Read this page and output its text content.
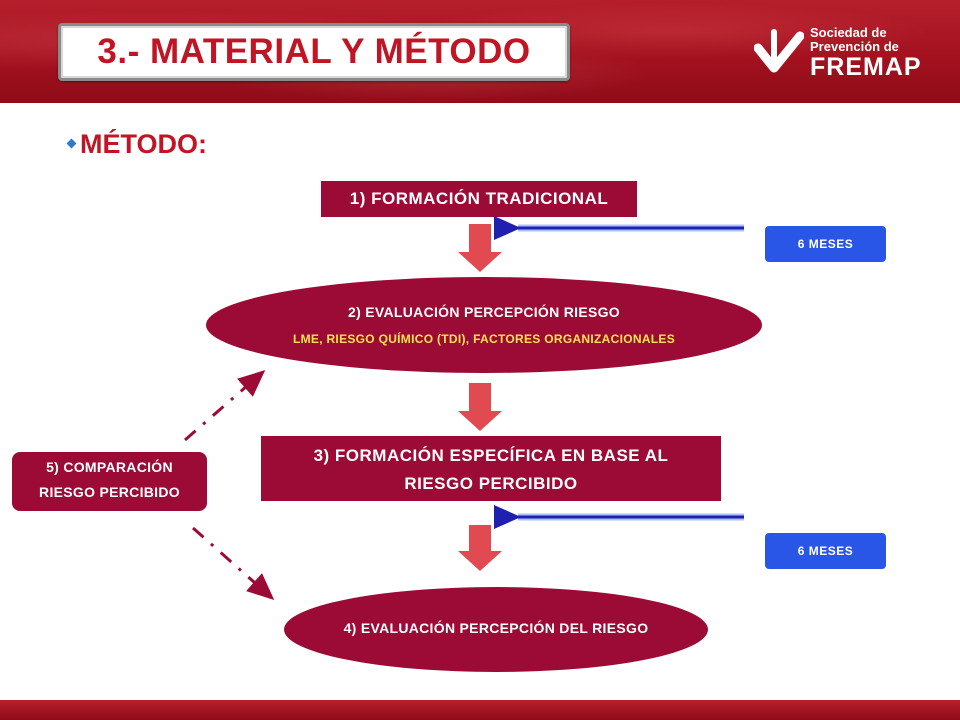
3.- MATERIAL Y MÉTODO	Sociedad de
Prevención de
FREMAP
MÉTODO:
1) FORMACIÓN TRADICIONAL
2) EVALUACIÓN PERCEPCIÓN RIESGO
LME, RIESGO QUÍMICO (TDI), FACTORES ORGANIZACIONALES
3) FORMACIÓN ESPECÍFICA EN BASE AL
RIESGO PERCIBIDO
4) EVALUACIÓN PERCEPCIÓN DEL RIESGO
5) COMPARACIÓN
RIESGO PERCIBIDO
6 MESES
6 MESES
